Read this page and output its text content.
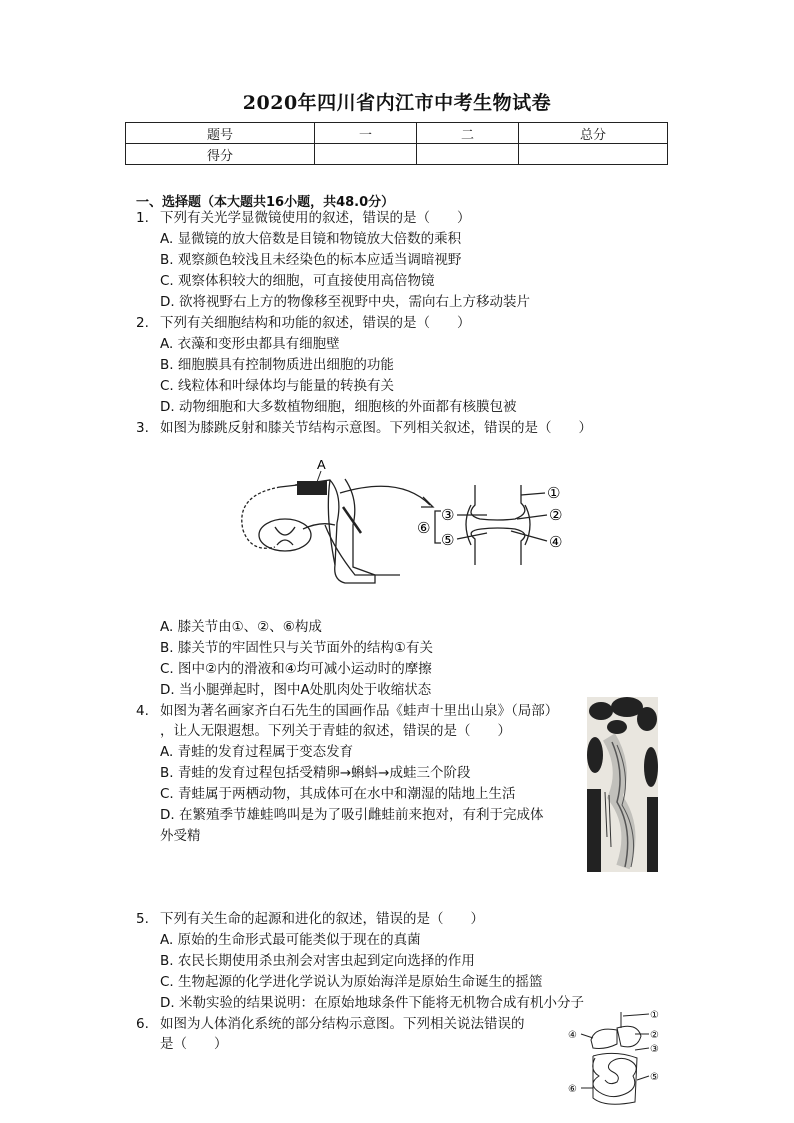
2020年四川省内江市中考生物试卷
题号	一	二	总分
得分			
一、选择题（本大题共16小题，共48.0分）
1. 下列有关光学显微镜使用的叙述，错误的是（　　）
A. 显微镜的放大倍数是目镜和物镜放大倍数的乘积
B. 观察颜色较浅且未经染色的标本应适当调暗视野
C. 观察体积较大的细胞，可直接使用高倍物镜
D. 欲将视野右上方的物像移至视野中央，需向右上方移动装片
2. 下列有关细胞结构和功能的叙述，错误的是（　　）
A. 衣藻和变形虫都具有细胞壁
B. 细胞膜具有控制物质进出细胞的功能
C. 线粒体和叶绿体均与能量的转换有关
D. 动物细胞和大多数植物细胞，细胞核的外面都有核膜包被
3. 如图为膝跳反射和膝关节结构示意图。下列相关叙述，错误的是（　　）
A
①
②
④
③
⑤
⑥
A. 膝关节由①、②、⑥构成
B. 膝关节的牢固性只与关节面外的结构①有关
C. 图中②内的滑液和④均可减小运动时的摩擦
D. 当小腿弹起时，图中A处肌肉处于收缩状态
4. 如图为著名画家齐白石先生的国画作品《蛙声十里出山泉》（局部）
，让人无限遐想。下列关于青蛙的叙述，错误的是（　　）
A. 青蛙的发育过程属于变态发育
B. 青蛙的发育过程包括受精卵→蝌蚪→成蛙三个阶段
C. 青蛙属于两栖动物，其成体可在水中和潮湿的陆地上生活
D. 在繁殖季节雄蛙鸣叫是为了吸引雌蛙前来抱对，有利于完成体
外受精
5. 下列有关生命的起源和进化的叙述，错误的是（　　）
A. 原始的生命形式最可能类似于现在的真菌
B. 农民长期使用杀虫剂会对害虫起到定向选择的作用
C. 生物起源的化学进化学说认为原始海洋是原始生命诞生的摇篮
D. 米勒实验的结果说明：在原始地球条件下能将无机物合成有机小分子
6. 如图为人体消化系统的部分结构示意图。下列相关说法错误的
是（　　）
①
②
③
⑤
④
⑥
